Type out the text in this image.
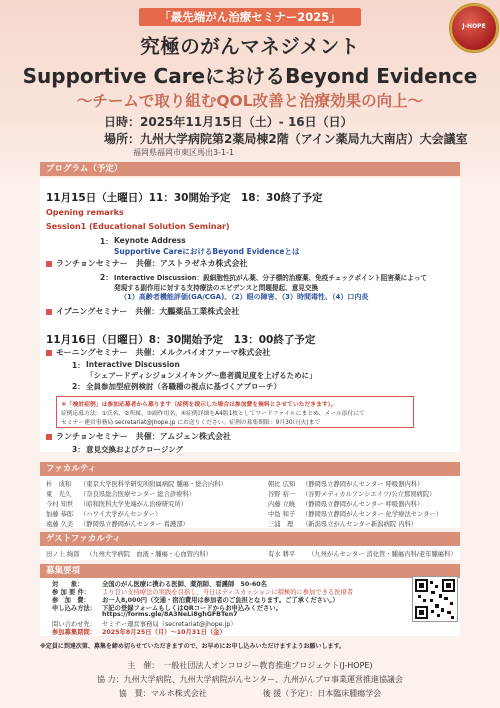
「最先端がん治療セミナー2025」
J-HOPE
究極のがんマネジメント
Supportive CareにおけるBeyond Evidence
〜チームで取り組むQOL改善と治療効果の向上〜
日時：2025年11月15日（土）- 16日（日）
場所：九州大学病院第2薬局棟2階（アイン薬局九大南店）大会議室
福岡県福岡市東区馬出3-1-1
プログラム（予定）
11月15日（土曜日）11：30開始予定　18：30終了予定
Opening remarks
Session1 (Educational Solution Seminar)
1： Keynote Address
Supportive CareにおけるBeyond Evidenceとは
ランチョンセミナー　共催：アストラゼネカ株式会社
2： Interactive Discussion：殺細胞性抗がん薬、分子標的治療薬、免疫チェックポイント阻害薬によって
発現する副作用に対する支持療法のエビデンスと問題提起、意見交換
（1）高齢者機能評価(GA/CGA)、（2）眼の障害、（3）時間毒性、（4）口内炎
イブニングセミナー　共催：大鵬薬品工業株式会社
11月16日（日曜日）8：30開始予定　13：00終了予定
モーニングセミナー　共催：メルクバイオファーマ株式会社
1： Interactive Discussion
「シェアードディシジョンメイキング〜患者満足度を上げるために」
2： 全員参加型症例検討（各職種の視点に基づくアプローチ）
ランチョンセミナー　共催：アムジェン株式会社
3： 意見交換およびクロージング
＊「検討症例」は参加応募者から募ります（症例を提示した場合は参加費を無料とさせていただきます）。
症例応募方法：①氏名、②所属、③副作用名、④症例詳細をA4版1枚としてワードファイルにまとめ、メール添付にて
セミナー運営事務局 secretariat@jhope.jp にお送りください。症例の募集期限：9月30日(火)まで
ファカルティ
朴　成和 （東京大学医科学研究所附属病院 腫瘍・総合内科）
東　光久 （奈良県総合医療センター 総合診療科）
今村 知世 （昭和医科大学先端がん治療研究所）
加藤 恭郎 （ハワイ大学がんセンター）
遠藤 久美 （静岡県立静岡がんセンター 看護部）
朝比 広知 （静岡県立静岡がんセンター 呼吸器内科）
谷野 裕一 （谷野メディカルアンシエイツ/公立那賀病院）
内藤 立暁 （静岡県立静岡がんセンター 呼吸器内科）
中島 和子 （静岡県立静岡がんセンター 化学療法センター）
三浦　理 （新潟県立がんセンター新潟病院 内科）
ゲストファカルティ
田ノ上 絢郎 （九州大学病院　血液・腫瘍・心血管内科）	有水 耕平 （九州がんセンター 消化管・腫瘍内科/老年腫瘍科）
募集要項
対　　象：	全国のがん医療に携わる医師、薬剤師、看護師　50-60名
参 加 要 件： より良い支持療法の実践を目指し、当日はディスカッションに積極的に参加できる医療者
参　加　費： お一人8,000円（交通・宿泊費用は参加者のご負担となります。ご了承ください。）
申し込み方法： 下記の登録フォームもしくはQRコードからお申込みください。
https://forms.gle/8A3NeLi8ghGFBTen7
問い合わせ先： セミナー運営事務局（secretariat@jhope.jp）
参加募集期間： 2025年8月25日（月）〜10月31日（金）
※定員に到達次第、募集を締め切らせていただきますので、お早めにお申し込みいただけますようお願いします。
主　催：　一般社団法人オンコロジー教育推進プロジェクト(J-HOPE)
協 力：九州大学病院、九州大学病院がんセンター、九州がんプロ事業運営推進協議会
協　賛：マルホ株式会社　　　　　　　後 援（予定）：日本臨床腫瘍学会
